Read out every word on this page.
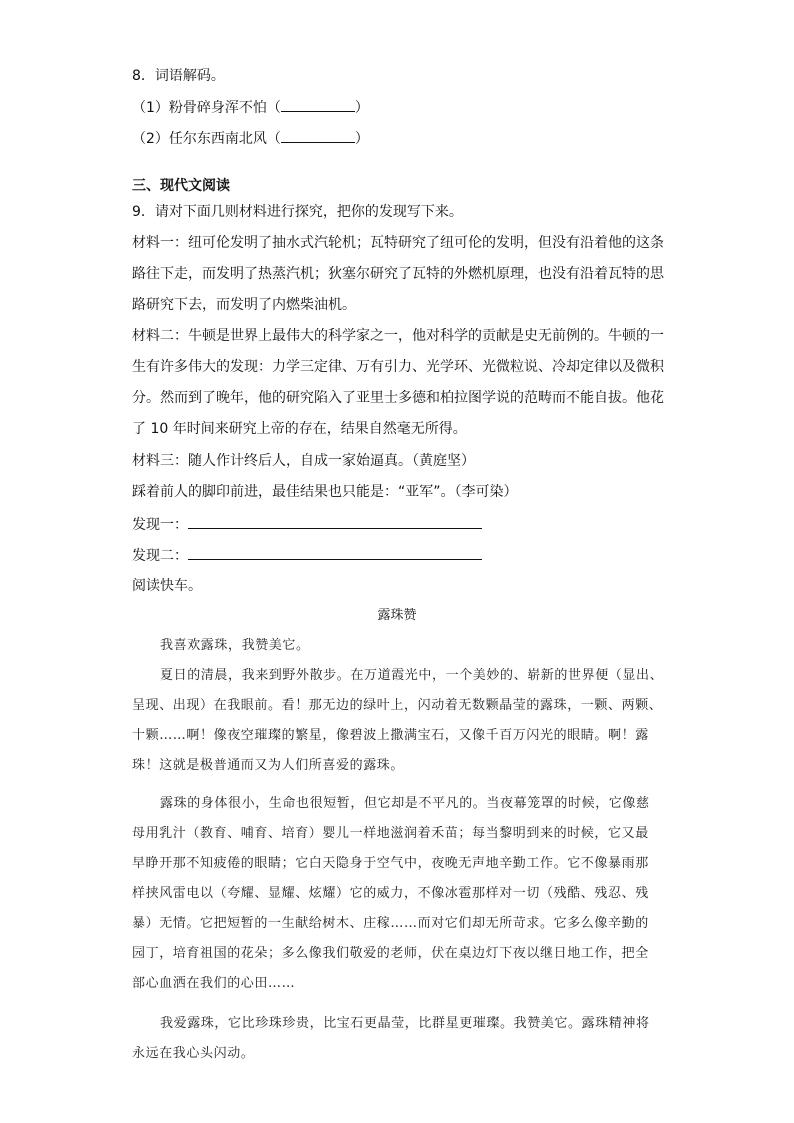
8．词语解码。
（1）粉骨碎身浑不怕（	）
（2）任尔东西南北风（	）
三、现代文阅读
9．请对下面几则材料进行探究，把你的发现写下来。
材料一：纽可伦发明了抽水式汽轮机；瓦特研究了纽可伦的发明，但没有沿着他的这条
路往下走，而发明了热蒸汽机；狄塞尔研究了瓦特的外燃机原理，也没有沿着瓦特的思
路研究下去，而发明了内燃柴油机。
材料二：牛顿是世界上最伟大的科学家之一，他对科学的贡献是史无前例的。牛顿的一
生有许多伟大的发现：力学三定律、万有引力、光学环、光微粒说、冷却定律以及微积
分。然而到了晚年，他的研究陷入了亚里士多德和柏拉图学说的范畴而不能自拔。他花
了 10 年时间来研究上帝的存在，结果自然毫无所得。
材料三：随人作计终后人，自成一家始逼真。（黄庭坚）
踩着前人的脚印前进，最佳结果也只能是：“亚军”。（李可染）
发现一：
发现二：
阅读快车。
露珠赞
我喜欢露珠，我赞美它。
夏日的清晨，我来到野外散步。在万道霞光中，一个美妙的、崭新的世界便（显出、
呈现、出现）在我眼前。看！那无边的绿叶上，闪动着无数颗晶莹的露珠，一颗、两颗、
十颗……啊！像夜空璀璨的繁星，像碧波上撒满宝石，又像千百万闪光的眼睛。啊！露
珠！这就是极普通而又为人们所喜爱的露珠。
露珠的身体很小，生命也很短暂，但它却是不平凡的。当夜幕笼罩的时候，它像慈
母用乳汁（教育、哺育、培育）婴儿一样地滋润着禾苗；每当黎明到来的时候，它又最
早睁开那不知疲倦的眼睛；它白天隐身于空气中，夜晚无声地辛勤工作。它不像暴雨那
样挟风雷电以（夸耀、显耀、炫耀）它的威力，不像冰雹那样对一切（残酷、残忍、残
暴）无情。它把短暂的一生献给树木、庄稼……而对它们却无所苛求。它多么像辛勤的
园丁，培育祖国的花朵；多么像我们敬爱的老师，伏在桌边灯下夜以继日地工作，把全
部心血洒在我们的心田……
我爱露珠，它比珍珠珍贵，比宝石更晶莹，比群星更璀璨。我赞美它。露珠精神将
永远在我心头闪动。
